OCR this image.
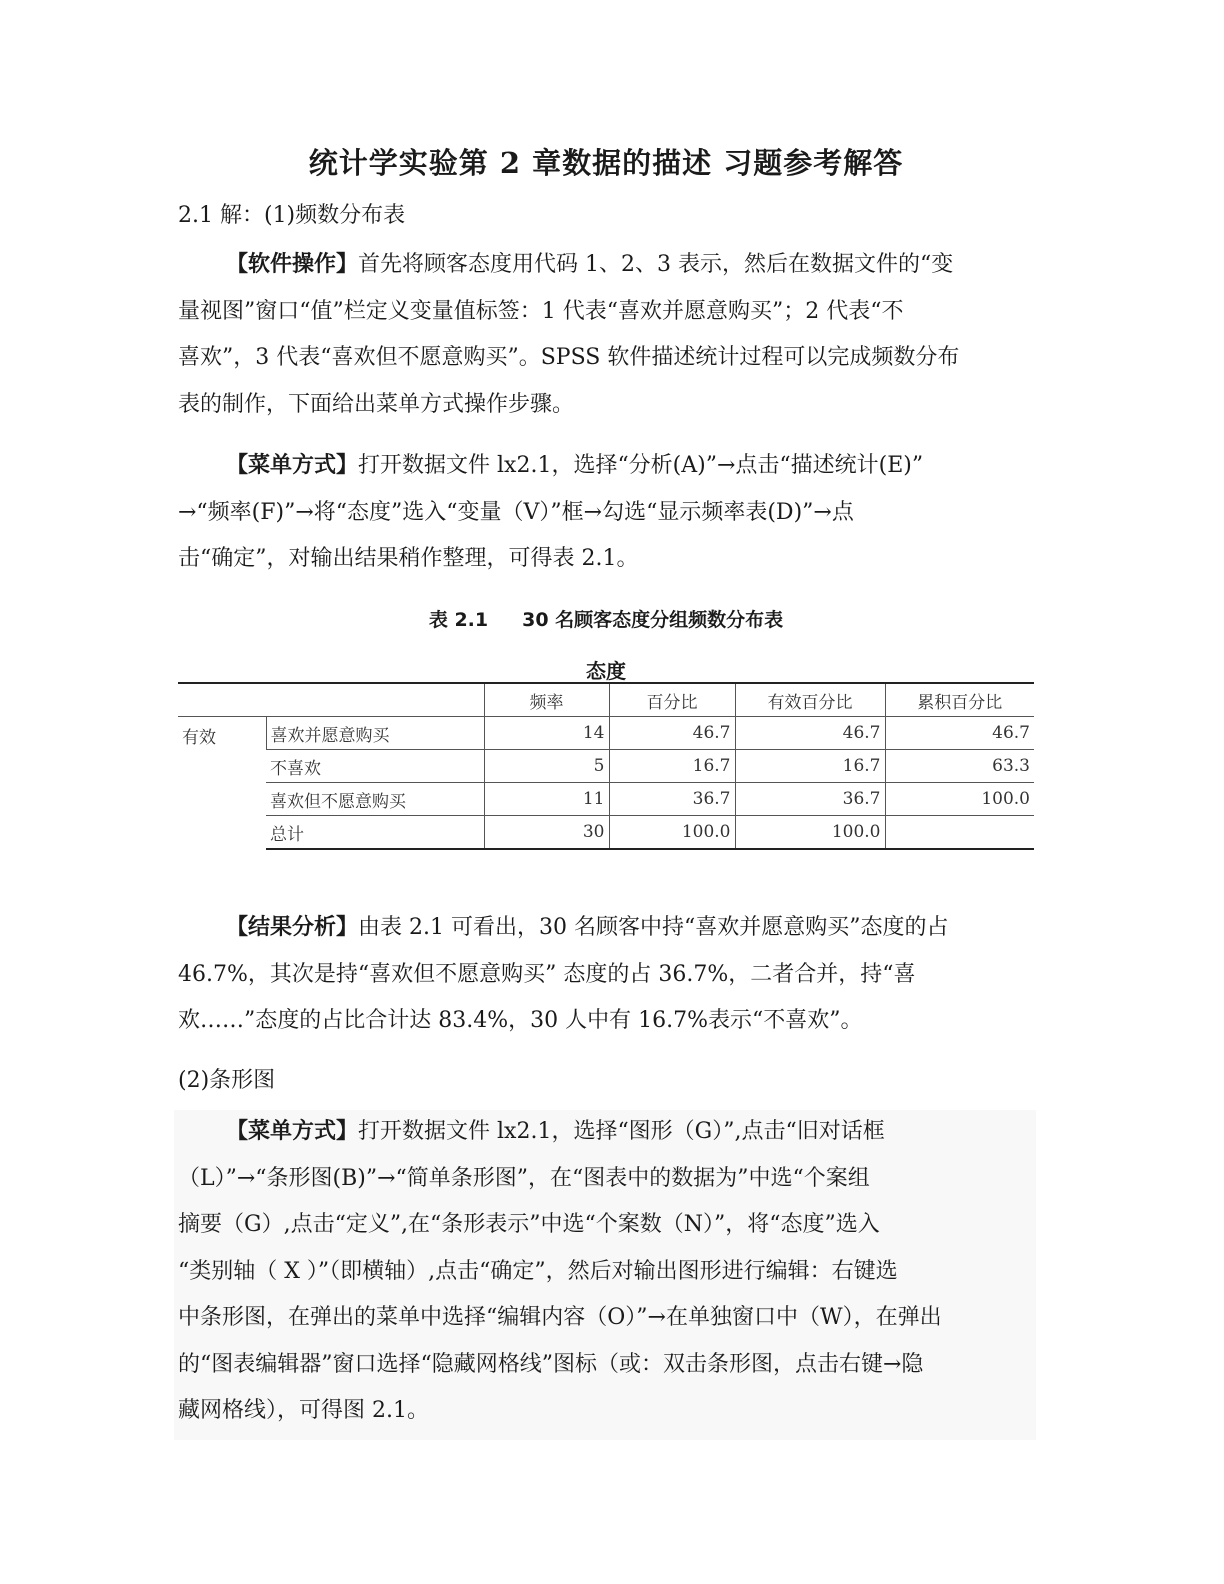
统计学实验第 2 章数据的描述 习题参考解答
2.1 解：(1)频数分布表

【软件操作】首先将顾客态度用代码 1、2、3 表示，然后在数据文件的“变

量视图”窗口“值”栏定义变量值标签：1 代表“喜欢并愿意购买”；2 代表“不

喜欢”，3 代表“喜欢但不愿意购买”。SPSS 软件描述统计过程可以完成频数分布

表的制作，下面给出菜单方式操作步骤。

【菜单方式】打开数据文件 lx2.1，选择“分析(A)”→点击“描述统计(E)”

→“频率(F)”→将“态度”选入“变量（V）”框→勾选“显示频率表(D)”→点

击“确定”，对输出结果稍作整理，可得表 2.1。

表 2.1 30 名顾客态度分组频数分布表
态度
		频率	百分比	有效百分比	累积百分比
有效	喜欢并愿意购买	14	46.7	46.7	46.7
	不喜欢	5	16.7	16.7	63.3
	喜欢但不愿意购买	11	36.7	36.7	100.0
	总计	30	100.0	100.0	

【结果分析】由表 2.1 可看出，30 名顾客中持“喜欢并愿意购买”态度的占

46.7%，其次是持“喜欢但不愿意购买” 态度的占 36.7%，二者合并，持“喜

欢……”态度的占比合计达 83.4%，30 人中有 16.7%表示“不喜欢”。

(2)条形图

【菜单方式】打开数据文件 lx2.1，选择“图形（G）”,点击“旧对话框

（L）”→“条形图(B)”→“简单条形图”，在“图表中的数据为”中选“个案组

摘要（G）,点击“定义”,在“条形表示”中选“个案数（N）”，将“态度”选入

“类别轴（ X ）”（即横轴）,点击“确定”，然后对输出图形进行编辑：右键选

中条形图，在弹出的菜单中选择“编辑内容（O）”→在单独窗口中（W），在弹出

的“图表编辑器”窗口选择“隐藏网格线”图标（或：双击条形图，点击右键→隐

藏网格线），可得图 2.1。
